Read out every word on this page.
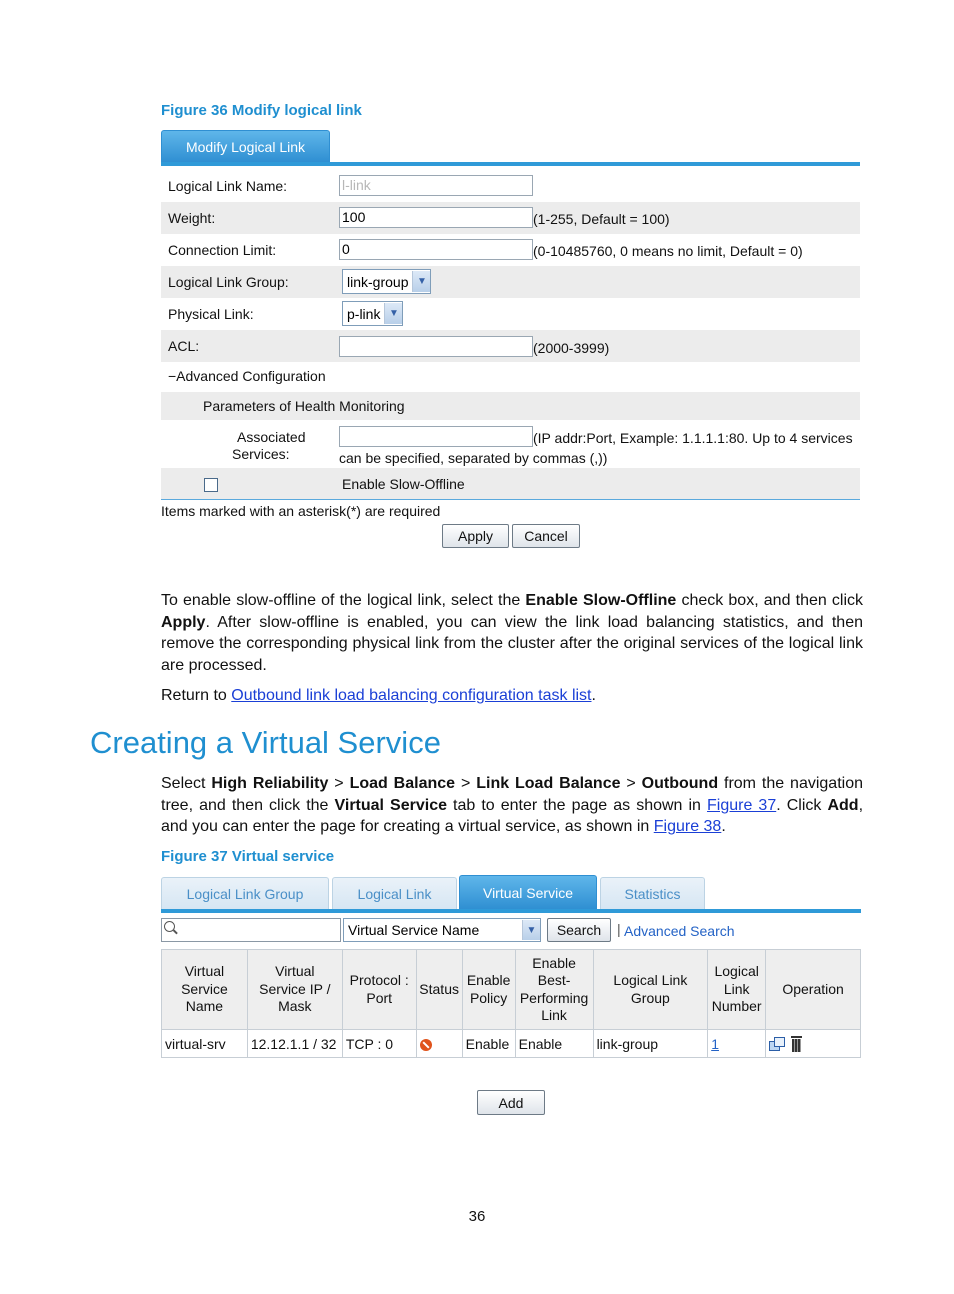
Figure 36 Modify logical link
Modify Logical Link
Logical Link Name:	l-link
Weight:	100	(1-255, Default = 100)
Connection Limit:	0	(0-10485760, 0 means no limit, Default = 0)
Logical Link Group:	link-group ▼
Physical Link:	p-link ▼
ACL:	(2000-3999)
−Advanced Configuration
Parameters of Health Monitoring
Associated
Services:
(IP addr:Port, Example: 1.1.1.1:80. Up to 4 services
can be specified, separated by commas (,))
Enable Slow-Offline
Items marked with an asterisk(*) are required
Apply	Cancel
To enable slow-offline of the logical link, select the Enable Slow-Offline check box, and then click Apply. After slow-offline is enabled, you can view the link load balancing statistics, and then remove the corresponding physical link from the cluster after the original services of the logical link are processed.
Return to Outbound link load balancing configuration task list.
Creating a Virtual Service
Select High Reliability > Load Balance > Link Load Balance > Outbound from the navigation tree, and then click the Virtual Service tab to enter the page as shown in Figure 37. Click Add, and you can enter the page for creating a virtual service, as shown in Figure 38.
Figure 37 Virtual service
Logical Link Group	Logical Link	Virtual Service	Statistics
Virtual Service Name	▼	Search	| Advanced Search
Virtual Service Name	Virtual Service IP / Mask	Protocol : Port	Status	Enable Policy	Enable Best-Performing Link	Logical Link Group	Logical Link Number	Operation
virtual-srv	12.12.1.1 / 32	TCP : 0		Enable	Enable	link-group	1	
Add
36
